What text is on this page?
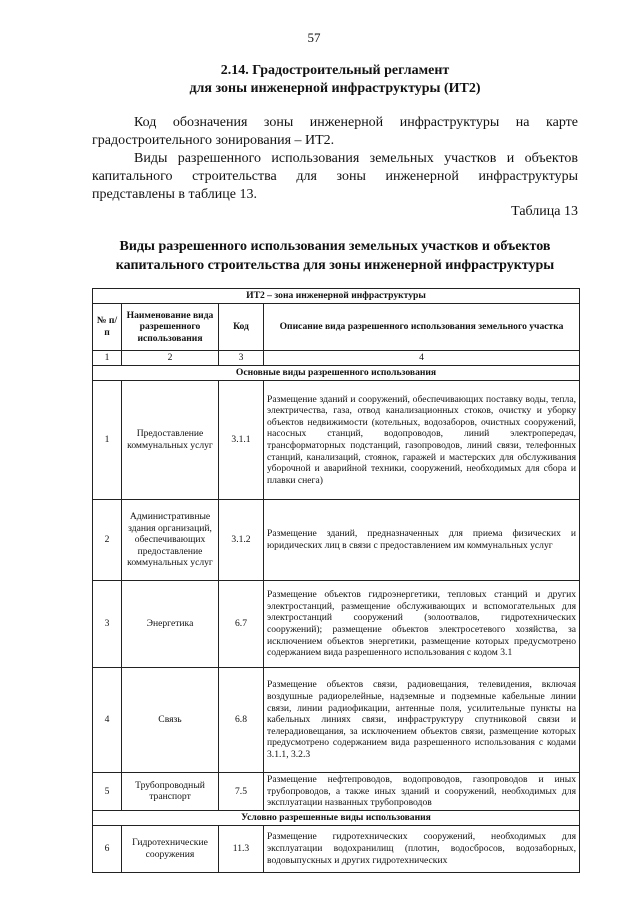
57
2.14. Градостроительный регламент
для зоны инженерной инфраструктуры (ИТ2)
Код обозначения зоны инженерной инфраструктуры на карте градостроительного зонирования – ИТ2.
Виды разрешенного использования земельных участков и объектов капитального строительства для зоны инженерной инфраструктуры представлены в таблице 13.
Таблица 13
Виды разрешенного использования земельных участков и объектов
капитального строительства для зоны инженерной инфраструктуры
ИТ2 – зона инженерной инфраструктуры			
№ п/п	Наименование вида разрешенного использования	Код	Описание вида разрешенного использования земельного участка
1	2	3	4
Основные виды разрешенного использования			
1	Предоставление коммунальных услуг	3.1.1	Размещение зданий и сооружений, обеспечивающих поставку воды, тепла, электричества, газа, отвод канализационных стоков, очистку и уборку объектов недвижимости (котельных, водозаборов, очистных сооружений, насосных станций, водопроводов, линий электропередач, трансформаторных подстанций, газопроводов, линий связи, телефонных станций, канализаций, стоянок, гаражей и мастерских для обслуживания уборочной и аварийной техники, сооружений, необходимых для сбора и плавки снега)
2	Административные здания организаций, обеспечивающих предоставление коммунальных услуг	3.1.2	Размещение зданий, предназначенных для приема физических и юридических лиц в связи с предоставлением им коммунальных услуг
3	Энергетика	6.7	Размещение объектов гидроэнергетики, тепловых станций и других электростанций, размещение обслуживающих и вспомогательных для электростанций сооружений (золоотвалов, гидротехнических сооружений); размещение объектов электросетевого хозяйства, за исключением объектов энергетики, размещение которых предусмотрено содержанием вида разрешенного использования с кодом 3.1
4	Связь	6.8	Размещение объектов связи, радиовещания, телевидения, включая воздушные радиорелейные, надземные и подземные кабельные линии связи, линии радиофикации, антенные поля, усилительные пункты на кабельных линиях связи, инфраструктуру спутниковой связи и телерадиовещания, за исключением объектов связи, размещение которых предусмотрено содержанием вида разрешенного использования с кодами 3.1.1, 3.2.3
5	Трубопроводный транспорт	7.5	Размещение нефтепроводов, водопроводов, газопроводов и иных трубопроводов, а также иных зданий и сооружений, необходимых для эксплуатации названных трубопроводов
Условно разрешенные виды использования			
6	Гидротехнические сооружения	11.3	Размещение гидротехнических сооружений, необходимых для эксплуатации водохранилищ (плотин, водосбросов, водозаборных, водовыпускных и других гидротехнических
